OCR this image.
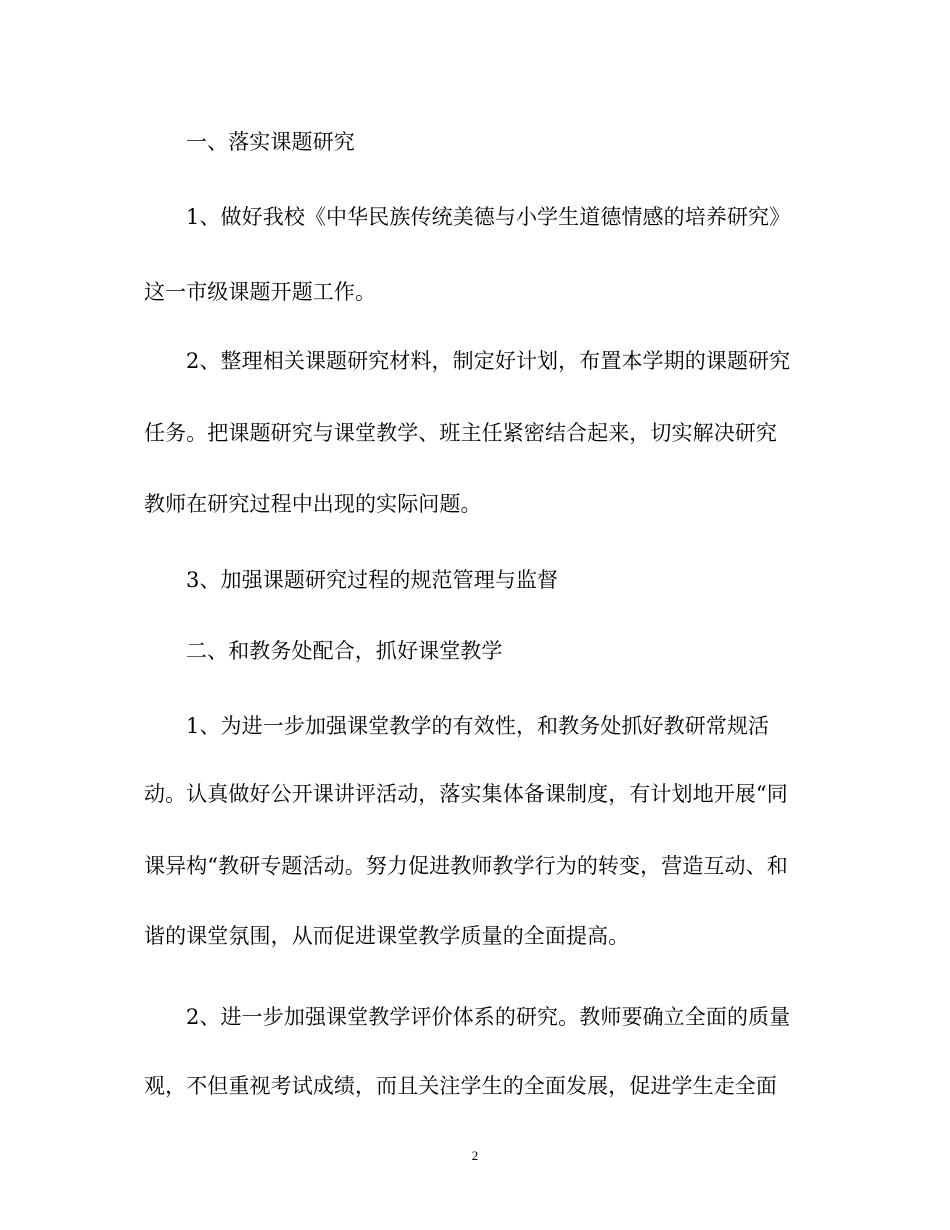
一、落实课题研究
1、做好我校《中华民族传统美德与小学生道德情感的培养研究》
这一市级课题开题工作。
2、整理相关课题研究材料，制定好计划，布置本学期的课题研究
任务。把课题研究与课堂教学、班主任紧密结合起来，切实解决研究
教师在研究过程中出现的实际问题。
3、加强课题研究过程的规范管理与监督
二、和教务处配合，抓好课堂教学
1、为进一步加强课堂教学的有效性，和教务处抓好教研常规活
动。认真做好公开课讲评活动，落实集体备课制度，有计划地开展“同
课异构“教研专题活动。努力促进教师教学行为的转变，营造互动、和
谐的课堂氛围，从而促进课堂教学质量的全面提高。
2、进一步加强课堂教学评价体系的研究。教师要确立全面的质量
观，不但重视考试成绩，而且关注学生的全面发展，促进学生走全面
2
